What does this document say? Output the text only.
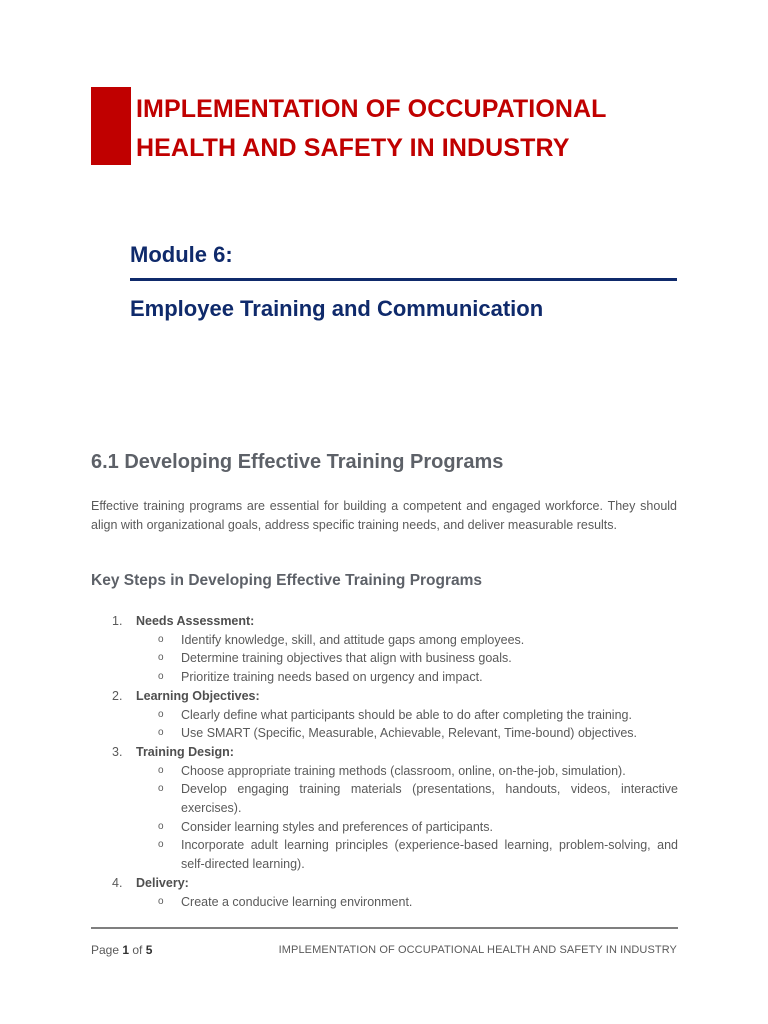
IMPLEMENTATION OF OCCUPATIONAL HEALTH AND SAFETY IN INDUSTRY
Module 6:
Employee Training and Communication
6.1 Developing Effective Training Programs

Effective training programs are essential for building a competent and engaged workforce. They should align with organizational goals, address specific training needs, and deliver measurable results.

Key Steps in Developing Effective Training Programs
1. Needs Assessment:
o Identify knowledge, skill, and attitude gaps among employees.
o Determine training objectives that align with business goals.
o Prioritize training needs based on urgency and impact.
2. Learning Objectives:
o Clearly define what participants should be able to do after completing the training.
o Use SMART (Specific, Measurable, Achievable, Relevant, Time-bound) objectives.
3. Training Design:
o Choose appropriate training methods (classroom, online, on-the-job, simulation).
o Develop engaging training materials (presentations, handouts, videos, interactive exercises).
o Consider learning styles and preferences of participants.
o Incorporate adult learning principles (experience-based learning, problem-solving, and self-directed learning).
4. Delivery:
o Create a conducive learning environment.
Page 1 of 5	IMPLEMENTATION OF OCCUPATIONAL HEALTH AND SAFETY IN INDUSTRY
